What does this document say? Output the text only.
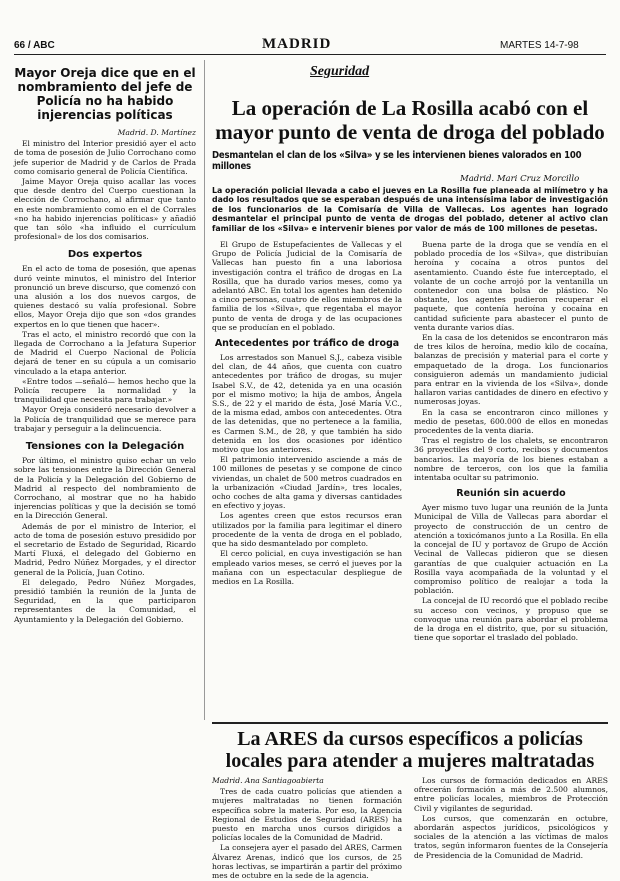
66 / ABC	MADRID	MARTES 14-7-98
Mayor Oreja dice que en el nombramiento del jefe de Policía no ha habido injerencias políticas
Madrid. D. Martínez

El ministro del Interior presidió ayer el acto de toma de posesión de Julio Corrochano como jefe superior de Madrid y de Carlos de Prada como comisario general de Policía Científica.

Jaime Mayor Oreja quiso acallar las voces que desde dentro del Cuerpo cuestionan la elección de Corrochano, al afirmar que tanto en este nombramiento como en el de Corrales «no ha habido injerencias políticas» y añadió que tan sólo «ha influido el currículum profesional» de los dos comisarios.

Dos expertos

En el acto de toma de posesión, que apenas duró veinte minutos, el ministro del Interior pronunció un breve discurso, que comenzó con una alusión a los dos nuevos cargos, de quienes destacó su valía profesional. Sobre ellos, Mayor Oreja dijo que son «dos grandes expertos en lo que tienen que hacer».

Tras el acto, el ministro recordó que con la llegada de Corrochano a la Jefatura Superior de Madrid el Cuerpo Nacional de Policía dejará de tener en su cúpula a un comisario vinculado a la etapa anterior.

«Entre todos —señaló— hemos hecho que la Policía recupere la normalidad y la tranquilidad que necesita para trabajar.»

Mayor Oreja consideró necesario devolver a la Policía de tranquilidad que se merece para trabajar y perseguir a la delincuencia.

Tensiones con la Delegación

Por último, el ministro quiso echar un velo sobre las tensiones entre la Dirección General de la Policía y la Delegación del Gobierno de Madrid al respecto del nombramiento de Corrochano, al mostrar que no ha habido injerencias políticas y que la decisión se tomó en la Dirección General.

Además de por el ministro de Interior, el acto de toma de posesión estuvo presidido por el secretario de Estado de Seguridad, Ricardo Martí Fluxá, el delegado del Gobierno en Madrid, Pedro Núñez Morgades, y el director general de la Policía, Juan Cotino.

El delegado, Pedro Núñez Morgades, presidió también la reunión de la Junta de Seguridad, en la que participaron representantes de la Comunidad, el Ayuntamiento y la Delegación del Gobierno.

Seguridad
La operación de La Rosilla acabó con el mayor punto de venta de droga del poblado
Desmantelan el clan de los «Silva» y se les intervienen bienes valorados en 100 millones
Madrid. Mari Cruz Morcillo
La operación policial llevada a cabo el jueves en La Rosilla fue planeada al milímetro y ha dado los resultados que se esperaban después de una intensísima labor de investigación de los funcionarios de la Comisaría de Villa de Vallecas. Los agentes han logrado desmantelar el principal punto de venta de drogas del poblado, detener al activo clan familiar de los «Silva» e intervenir bienes por valor de más de 100 millones de pesetas.

El Grupo de Estupefacientes de Vallecas y el Grupo de Policía Judicial de la Comisaría de Vallecas han puesto fin a una laboriosa investigación contra el tráfico de drogas en La Rosilla, que ha durado varios meses, como ya adelantó ABC. En total los agentes han detenido a cinco personas, cuatro de ellos miembros de la familia de los «Silva», que regentaba el mayor punto de venta de droga y de las ocupaciones que se producían en el poblado.

Antecedentes por tráfico de droga

Los arrestados son Manuel S.J., cabeza visible del clan, de 44 años, que cuenta con cuatro antecedentes por tráfico de drogas, su mujer Isabel S.V., de 42, detenida ya en una ocasión por el mismo motivo; la hija de ambos, Ángela S.S., de 22 y el marido de ésta, José María V.C., de la misma edad, ambos con antecedentes. Otra de las detenidas, que no pertenece a la familia, es Carmen S.M., de 28, y que también ha sido detenida en los dos ocasiones por idéntico motivo que los anteriores.

El patrimonio intervenido asciende a más de 100 millones de pesetas y se compone de cinco viviendas, un chalet de 500 metros cuadrados en la urbanización «Ciudad Jardín», tres locales, ocho coches de alta gama y diversas cantidades en efectivo y joyas.

Los agentes creen que estos recursos eran utilizados por la familia para legitimar el dinero procedente de la venta de droga en el poblado, que ha sido desmantelado por completo.

El cerco policial, en cuya investigación se han empleado varios meses, se cerró el jueves por la mañana con un espectacular despliegue de medios en La Rosilla.

Buena parte de la droga que se vendía en el poblado procedía de los «Silva», que distribuían heroína y cocaína a otros puntos del asentamiento. Cuando éste fue interceptado, el volante de un coche arrojó por la ventanilla un contenedor con una bolsa de plástico. No obstante, los agentes pudieron recuperar el paquete, que contenía heroína y cocaína en cantidad suficiente para abastecer el punto de venta durante varios días.

En la casa de los detenidos se encontraron más de tres kilos de heroína, medio kilo de cocaína, balanzas de precisión y material para el corte y empaquetado de la droga. Los funcionarios consiguieron además un mandamiento judicial para entrar en la vivienda de los «Silva», donde hallaron varias cantidades de dinero en efectivo y numerosas joyas.

En la casa se encontraron cinco millones y medio de pesetas, 600.000 de ellos en monedas procedentes de la venta diaria.

Tras el registro de los chalets, se encontraron 36 proyectiles del 9 corto, recibos y documentos bancarios. La mayoría de los bienes estaban a nombre de terceros, con los que la familia intentaba ocultar su patrimonio.

Reunión sin acuerdo

Ayer mismo tuvo lugar una reunión de la Junta Municipal de Villa de Vallecas para abordar el proyecto de construcción de un centro de atención a toxicómanos junto a La Rosilla. En ella la concejal de IU y portavoz de Grupo de Acción Vecinal de Vallecas pidieron que se diesen garantías de que cualquier actuación en La Rosilla vaya acompañada de la voluntad y el compromiso político de realojar a toda la población.

La concejal de IU recordó que el poblado recibe su acceso con vecinos, y propuso que se convoque una reunión para abordar el problema de la droga en el distrito, que, por su situación, tiene que soportar el traslado del poblado.

La ARES da cursos específicos a policías locales para atender a mujeres maltratadas
Madrid. Ana Santiagoabierta

Tres de cada cuatro policías que atienden a mujeres maltratadas no tienen formación específica sobre la materia. Por eso, la Agencia Regional de Estudios de Seguridad (ARES) ha puesto en marcha unos cursos dirigidos a policías locales de la Comunidad de Madrid.

La consejera ayer el pasado del ARES, Carmen Álvarez Arenas, indicó que los cursos, de 25 horas lectivas, se impartirán a partir del próximo mes de octubre en la sede de la agencia.

Los cursos de formación dedicados en ARES ofrecerán formación a más de 2.500 alumnos, entre policías locales, miembros de Protección Civil y vigilantes de seguridad.

Los cursos, que comenzarán en octubre, abordarán aspectos jurídicos, psicológicos y sociales de la atención a las víctimas de malos tratos, según informaron fuentes de la Consejería de Presidencia de la Comunidad de Madrid.
